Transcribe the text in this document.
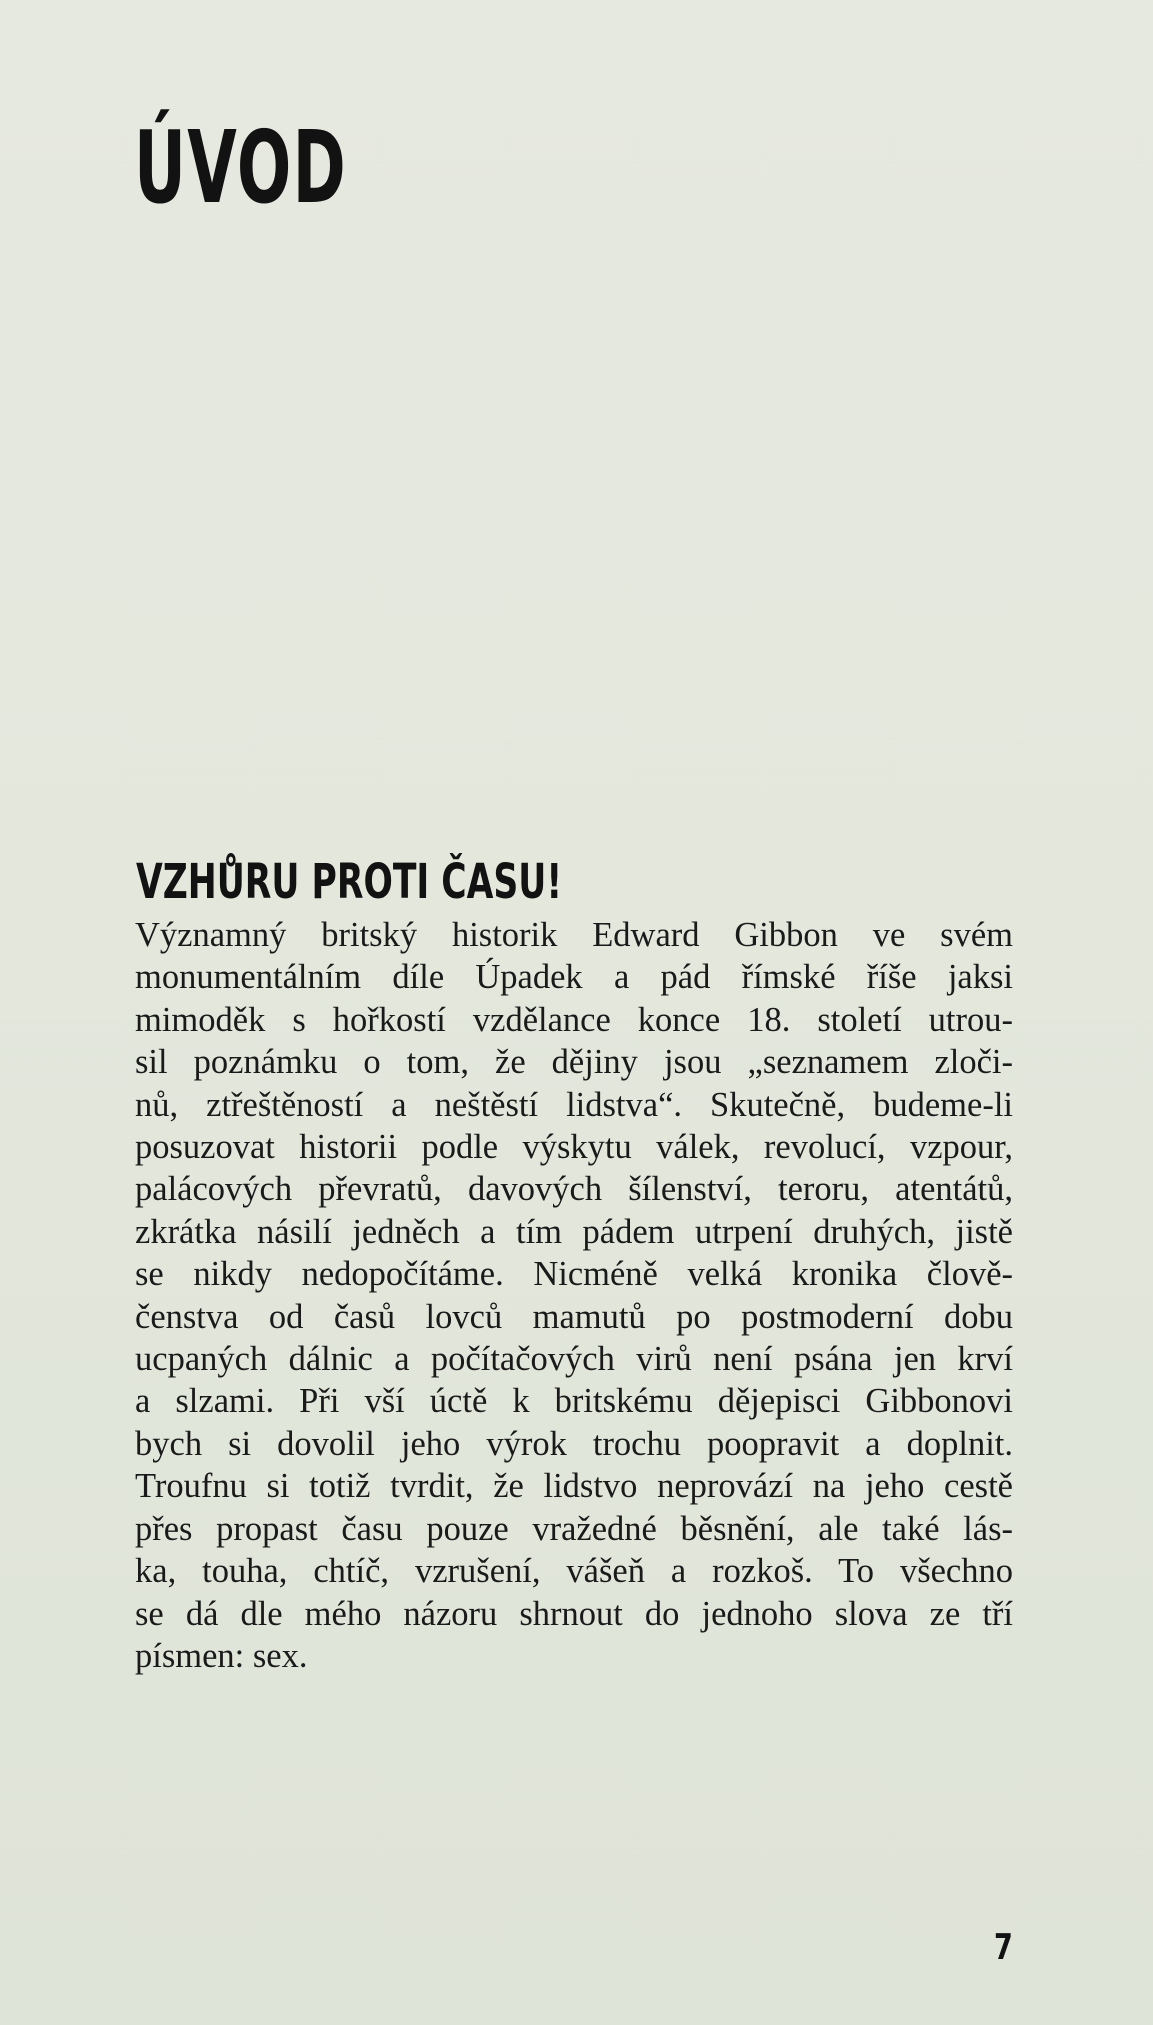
ÚVOD
VZHŮRU PROTI ČASU!
Významný britský historik Edward Gibbon ve svém
monumentálním díle Úpadek a pád římské říše jaksi
mimoděk s hořkostí vzdělance konce 18. století utrou-
sil poznámku o tom, že dějiny jsou „seznamem zloči-
nů, ztřeštěností a neštěstí lidstva“. Skutečně, budeme-li
posuzovat historii podle výskytu válek, revolucí, vzpour,
palácových převratů, davových šílenství, teroru, atentátů,
zkrátka násilí jedněch a tím pádem utrpení druhých, jistě
se nikdy nedopočítáme. Nicméně velká kronika člově-
čenstva od časů lovců mamutů po postmoderní dobu
ucpaných dálnic a počítačových virů není psána jen krví
a slzami. Při vší úctě k britskému dějepisci Gibbonovi
bych si dovolil jeho výrok trochu poopravit a doplnit.
Troufnu si totiž tvrdit, že lidstvo neprovází na jeho cestě
přes propast času pouze vražedné běsnění, ale také lás-
ka, touha, chtíč, vzrušení, vášeň a rozkoš. To všechno
se dá dle mého názoru shrnout do jednoho slova ze tří
písmen: sex.
7
